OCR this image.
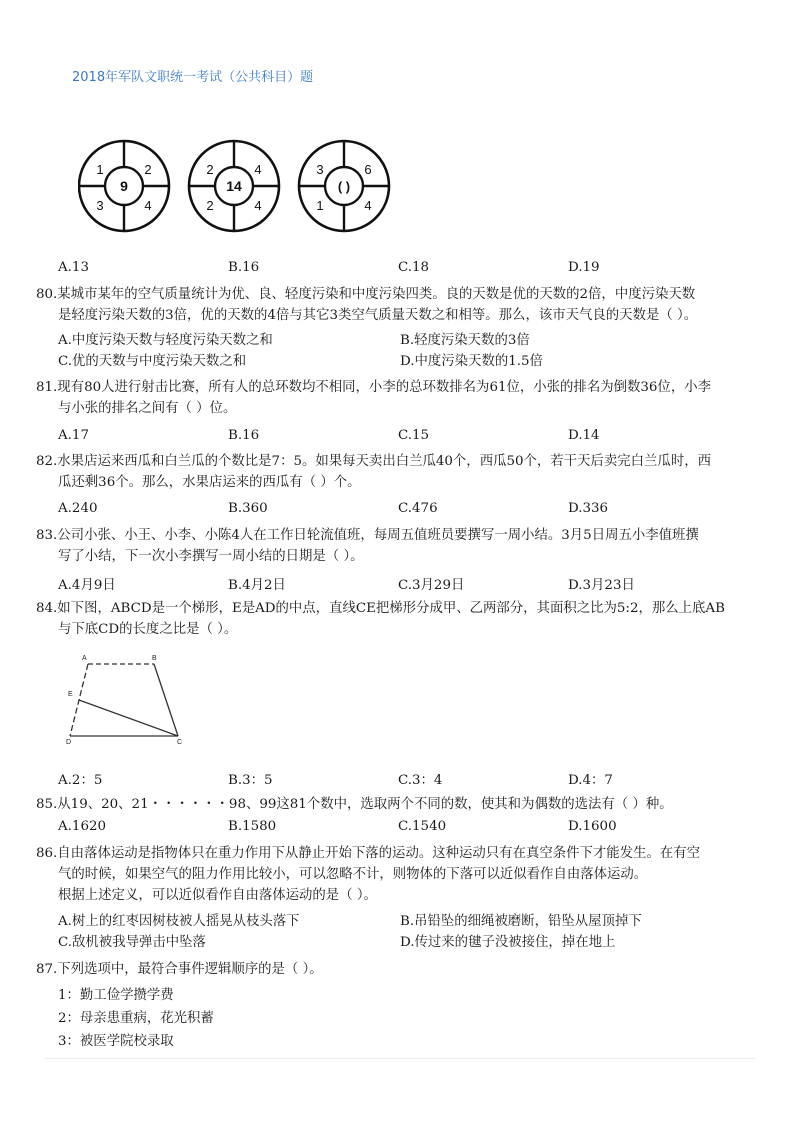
2018年军队文职统一考试（公共科目）题
1	2
3	4
9
2	4
2	4
14
3	6
1	4
( )
A.13	B.16	C.18	D.19
80.某城市某年的空气质量统计为优、良、轻度污染和中度污染四类。良的天数是优的天数的2倍，中度污染天数
是轻度污染天数的3倍，优的天数的4倍与其它3类空气质量天数之和相等。那么，该市天气良的天数是（ ）。
A.中度污染天数与轻度污染天数之和	B.轻度污染天数的3倍
C.优的天数与中度污染天数之和	D.中度污染天数的1.5倍
81.现有80人进行射击比赛，所有人的总环数均不相同，小李的总环数排名为61位，小张的排名为倒数36位，小李
与小张的排名之间有（ ）位。
A.17	B.16	C.15	D.14
82.水果店运来西瓜和白兰瓜的个数比是7：5。如果每天卖出白兰瓜40个，西瓜50个，若干天后卖完白兰瓜时，西
瓜还剩36个。那么，水果店运来的西瓜有（ ）个。
A.240	B.360	C.476	D.336
83.公司小张、小王、小李、小陈4人在工作日轮流值班，每周五值班员要撰写一周小结。3月5日周五小李值班撰
写了小结，下一次小李撰写一周小结的日期是（ ）。
A.4月9日	B.4月2日	C.3月29日	D.3月23日
84.如下图，ABCD是一个梯形，E是AD的中点，直线CE把梯形分成甲、乙两部分，其面积之比为5:2，那么上底AB
与下底CD的长度之比是（ ）。
A	B
E
D	C
A.2：5	B.3：5	C.3：4	D.4：7
85.从19、20、21・・・・・・98、99这81个数中，选取两个不同的数，使其和为偶数的选法有（ ）种。
A.1620	B.1580	C.1540	D.1600
86.自由落体运动是指物体只在重力作用下从静止开始下落的运动。这种运动只有在真空条件下才能发生。在有空
气的时候，如果空气的阻力作用比较小，可以忽略不计，则物体的下落可以近似看作自由落体运动。
根据上述定义，可以近似看作自由落体运动的是（ ）。
A.树上的红枣因树枝被人摇晃从枝头落下	B.吊铅坠的细绳被磨断，铅坠从屋顶掉下
C.敌机被我导弹击中坠落	D.传过来的毽子没被接住，掉在地上
87.下列选项中，最符合事件逻辑顺序的是（ ）。
1：勤工俭学攒学费
2：母亲患重病，花光积蓄
3：被医学院校录取
